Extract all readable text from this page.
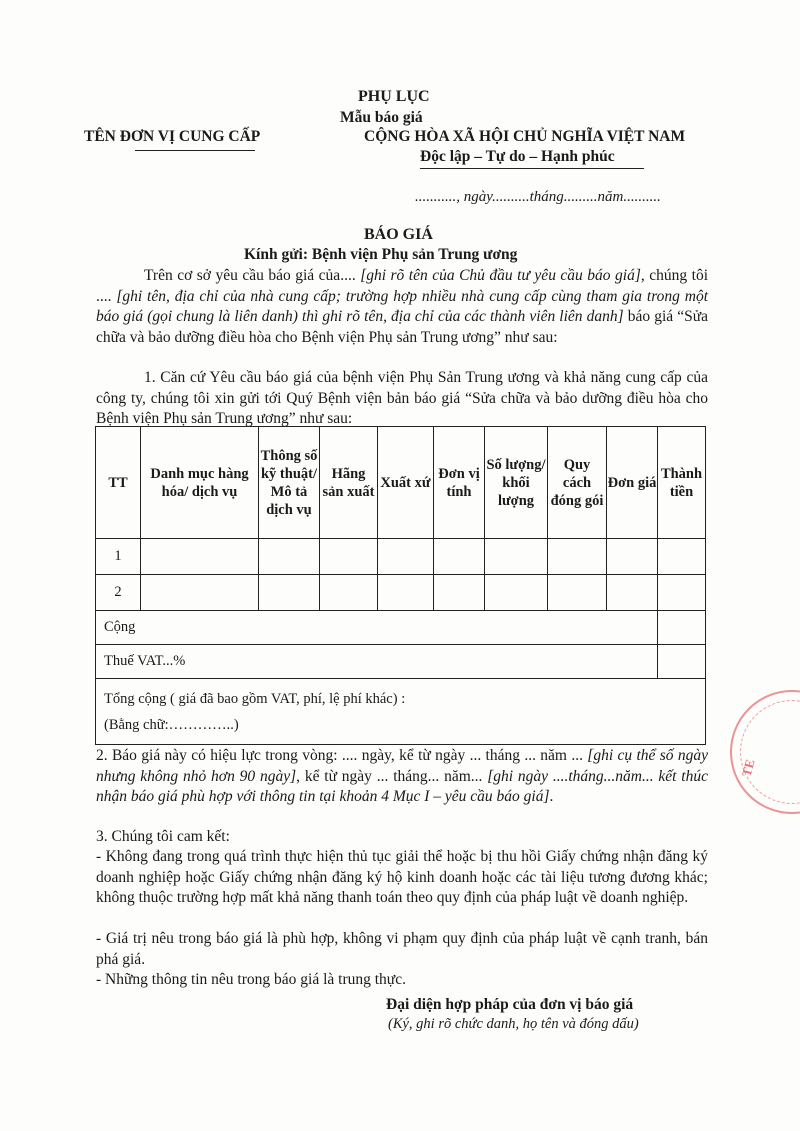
PHỤ LỤC
Mẫu báo giá
TÊN ĐƠN VỊ CUNG CẤP	CỘNG HÒA XÃ HỘI CHỦ NGHĨA VIỆT NAM
Độc lập – Tự do – Hạnh phúc
..........., ngày..........tháng.........năm..........
BÁO GIÁ
Kính gửi: Bệnh viện Phụ sản Trung ương
Trên cơ sở yêu cầu báo giá của.... [ghi rõ tên của Chủ đầu tư yêu cầu báo giá], chúng tôi .... [ghi tên, địa chỉ của nhà cung cấp; trường hợp nhiều nhà cung cấp cùng tham gia trong một báo giá (gọi chung là liên danh) thì ghi rõ tên, địa chỉ của các thành viên liên danh] báo giá “Sửa chữa và bảo dưỡng điều hòa cho Bệnh viện Phụ sản Trung ương” như sau:
1. Căn cứ Yêu cầu báo giá của bệnh viện Phụ Sản Trung ương và khả năng cung cấp của công ty, chúng tôi xin gửi tới Quý Bệnh viện bản báo giá “Sửa chữa và bảo dưỡng điều hòa cho Bệnh viện Phụ sản Trung ương” như sau:
TT	Danh mục hàng hóa/ dịch vụ	Thông số kỹ thuật/ Mô tả dịch vụ	Hãng sản xuất	Xuất xứ	Đơn vị tính	Số lượng/ khối lượng	Quy cách đóng gói	Đơn giá	Thành tiền
1									
2									
Cộng									
Thuế VAT...%									

Tổng cộng ( giá đã bao gồm VAT, phí, lệ phí khác) :
(Bằng chữ:…………..)									
2. Báo giá này có hiệu lực trong vòng: .... ngày, kể từ ngày ... tháng ... năm ... [ghi cụ thể số ngày nhưng không nhỏ hơn 90 ngày], kể từ ngày ... tháng... năm... [ghi ngày ....tháng...năm... kết thúc nhận báo giá phù hợp với thông tin tại khoản 4 Mục I – yêu cầu báo giá].
3. Chúng tôi cam kết:
- Không đang trong quá trình thực hiện thủ tục giải thể hoặc bị thu hồi Giấy chứng nhận đăng ký doanh nghiệp hoặc Giấy chứng nhận đăng ký hộ kinh doanh hoặc các tài liệu tương đương khác; không thuộc trường hợp mất khả năng thanh toán theo quy định của pháp luật về doanh nghiệp.
- Giá trị nêu trong báo giá là phù hợp, không vi phạm quy định của pháp luật về cạnh tranh, bán phá giá.
- Những thông tin nêu trong báo giá là trung thực.
Đại diện hợp pháp của đơn vị báo giá
(Ký, ghi rõ chức danh, họ tên và đóng dấu)
TE
